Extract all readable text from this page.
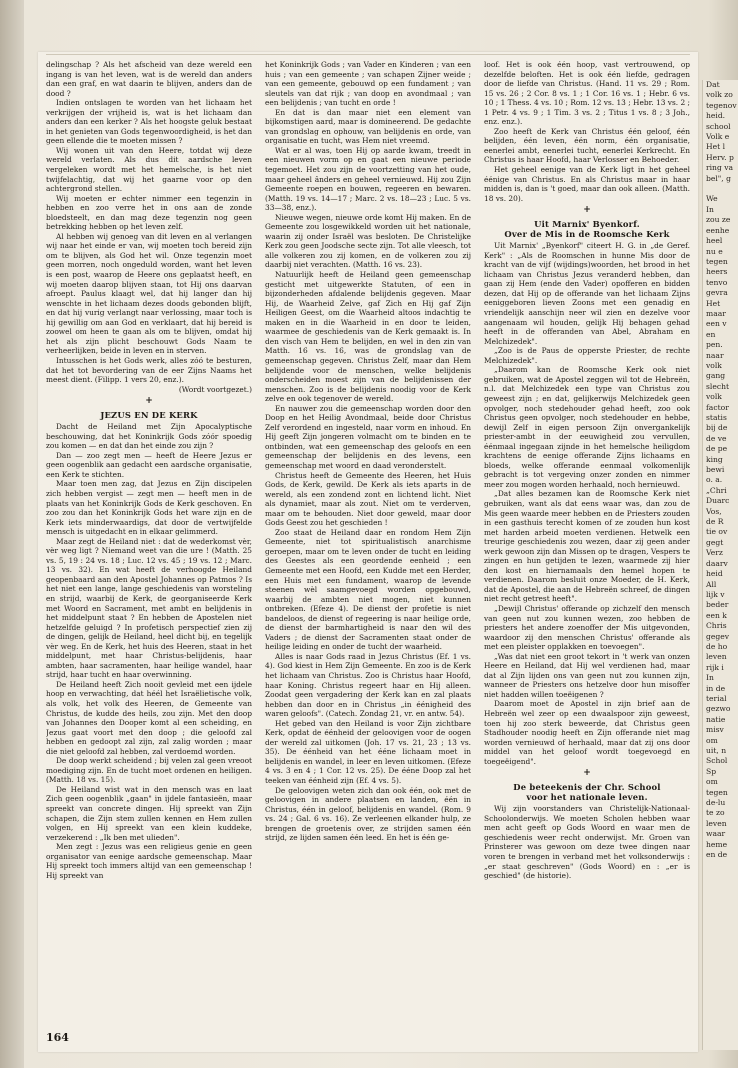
delingschap ? Als het afscheid van deze wereld een ingang is van het leven, wat is de wereld dan anders dan een graf, en wat daarin te blijven, anders dan de dood ?

Indien ontslagen te worden van het lichaam het verkrijgen der vrijheid is, wat is het lichaam dan anders dan een kerker ? Als het hoogste geluk bestaat in het genieten van Gods tegenwoordigheid, is het dan geen ellende die te moeten missen ?

Wij wonen uit van den Heere, totdat wij deze wereld verlaten. Als dus dit aardsche leven vergeleken wordt met het hemelsche, is het niet twijfelachtig, dat wij het gaarne voor op den achtergrond stellen.

Wij moeten er echter nimmer een tegenzin in hebben en zoo verre het in ons aan de zonde bloedsteelt, en dan mag deze tegenzin nog geen betrekking hebben op het leven zelf.

Al hebben wij genoeg van dit leven en al verlangen wij naar het einde er van, wij moeten toch bereid zijn om te blijven, als God het wil. Onze tegenzin moet geen morren, noch ongeduld worden, want het leven is een post, waarop de Heere ons geplaatst heeft, en wij moeten daarop blijven staan, tot Hij ons daarvan afroept. Paulus klaagt wel, dat hij langer dan hij wenschte in het lichaam dezes doods gebonden blijft, en dat hij vurig verlangt naar verlossing, maar toch is hij gewillig om aan God en verklaart, dat hij bereid is zoowel om heen te gaan als om te blijven, omdat hij het als zijn plicht beschouwt Gods Naam te verheerlijken, beide in leven en in sterven.

Intusschen is het Gods werk, alles zóó te besturen, dat het tot bevordering van de eer Zijns Naams het meest dient. (Filipp. 1 vers 20, enz.).

(Wordt voortgezet.)

+
JEZUS EN DE KERK

Dacht de Heiland met Zijn Apocalyptische beschouwing, dat het Koninkrijk Gods zóór spoedig zou komen — en dat dan het einde zou zijn ?

Dan — zoo zegt men — heeft de Heere Jezus er geen oogenblik aan gedacht een aardsche organisatie, een Kerk te stichten.

Maar toen men zag, dat Jezus en Zijn discipelen zich hebben vergist — zegt men — heeft men in de plaats van het Koninkrijk Gods de Kerk geschoven. En zoo zou dan het Koninkrijk Gods het ware zijn en de Kerk iets minderwaardigs, dat door de vertwijfelde mensch is uitgedacht en in elkaar gelimmerd.

Maar zegt de Heiland niet : dat de wederkomst vèr, vèr weg ligt ? Niemand weet van die ure ! (Matth. 25 vs. 5, 19 : 24 vs. 18 ; Luc. 12 vs. 45 ; 19 vs. 12 ; Marc. 13 vs. 32). En wat heeft de verhoogde Heiland geopenbaard aan den Apostel Johannes op Patmos ? Is het niet een lange, lange geschiedenis van worsteling en strijd, waarbij de Kerk, de georganiseerde Kerk met Woord en Sacrament, met ambt en belijdenis in het middelpunt staat ? En hebben de Apostelen niet hetzelfde geluigd ? In profetisch perspectief zien zij de dingen, gelijk de Heiland, heel dicht bij, en tegelijk vèr weg. En de Kerk, het huis des Heeren, staat in het middelpunt, met haar Christus-belijdenis, haar ambten, haar sacramenten, haar heilige wandel, haar strijd, haar tucht en haar overwinning.

De Heiland heeft Zich nooit gevleid met een ijdele hoop en verwachting, dat héél het Israëlietische volk, als volk, het volk des Heeren, de Gemeente van Christus, de kudde des heils, zou zijn. Met den doop van Johannes den Dooper komt al een scheiding, en Jezus gaat voort met den doop ; die geloofd zal hebben en gedoopt zal zijn, zal zalig worden ; maar die niet geloofd zal hebben, zal verdoemd worden.

De doop werkt scheidend ; bij velen zal geen vreoot moediging zijn. En de tucht moet ordenen en heiligen. (Matth. 18 vs. 15).

De Heiland wist wat in den mensch was en laat Zich geen oogenblik „gaan" in ijdele fantasieën, maar spreekt van concrete dingen. Hij spreekt van Zijn schapen, die Zijn stem zullen kennen en Hem zullen volgen, en Hij spreekt van een klein kuddeke, verzekerend : „Ik ben met ulieden".

Men zegt : Jezus was een religieus genie en geen organisator van eenige aardsche gemeenschap. Maar Hij spreekt toch immers altijd van een gemeenschap ! Hij spreekt van

het Koninkrijk Gods ; van Vader en Kinderen ; van een huis ; van een gemeente ; van schapen Zijner weide ; van een gemeente, gebouwd op een fundament ; van sleutels van dat rijk ; van doop en avondmaal ; van een belijdenis ; van tucht en orde !

En dat is dan maar niet een element van bijkomstigen aard, maar is domineerend. De gedachte van grondslag en ophouw, van belijdenis en orde, van organisatie en tucht, was Hem niet vreemd.

Wat er al was, toen Hij op aarde kwam, treedt in een nieuwen vorm op en gaat een nieuwe periode tegemoet. Het zou zijn de voortzetting van het oude, maar geheel ânders en geheel vernieuwd. Hij zou Zijn Gemeente roepen en bouwen, regeeren en bewaren. (Matth. 19 vs. 14—17 ; Marc. 2 vs. 18—23 ; Luc. 5 vs. 33—38, enz.).

Nieuwe wegen, nieuwe orde komt Hij maken. En de Gemeente zou losgewikkeld worden uit het nationale, waarin zij onder Israël was besloten. De Christelijke Kerk zou geen Joodsche secte zijn. Tot alle vleesch, tot alle volkeren zou zij komen, en de volkeren zou zij daarbij niet verachten. (Matth. 16 vs. 23).

Natuurlijk heeft de Heiland geen gemeenschap gesticht met uitgewerkte Statuten, of een in bijzonderheden afdalende belijdenis gegeven. Maar Hij, de Waarheid Zelve, gaf Zich en Hij gaf Zijn Heiligen Geest, om die Waarheid altoos indachtig te maken en in die Waarheid in en door te leiden, waarmee de geschiedenis van de Kerk gemaakt is. In den visch van Hem te belijden, en wel in den zin van Matth. 16 vs. 16, was de grondslag van de gemeenschap gegeven. Christus Zelf, maar dan Hem belijdende voor de menschen, welke belijdenis onderscheiden moest zijn van de belijdenissen der menschen. Zoo is de belijdenis noodig voor de Kerk zelve en ook tegenover de wereld.

En nauwer zou die gemeenschap worden door den Doop en het Heilig Avondmaal, beide door Christus Zelf verordend en ingesteld, naar vorm en inhoud. En Hij geeft Zijn jongeren volmacht om te binden en te ontbinden, wat een gemeenschap des geloofs en een gemeenschap der belijdenis en des levens, een gemeenschap met woord en daad veronderstelt.

Christus heeft de Gemeente des Heeren, het Huis Gods, de Kerk, gewild. De Kerk als iets aparts in de wereld, als een zondend zont en lichtend licht. Niet als dynamiet, maar als zout. Niet om te verderven, maar om te behouden. Niet door geweld, maar door Gods Geest zou het geschieden !

Zoo staat de Heiland daar en rondom Hem Zijn Gemeente, niet tot spiritualistisch anarchisme geroepen, maar om te leven onder de tucht en leiding des Geestes als een geordende eenheid ; een Gemeente met een Hoofd, een Kudde met een Herder, een Huis met een fundament, waarop de levende steenen wèl saamgevoegd worden opgebouwd, waarbij de ambten niet mogen, niet kunnen ontbreken. (Efeze 4). De dienst der profetie is niet bandeloos, de dienst of regeering is naar heilige orde, de dienst der barmhartigheid is naar den wil des Vaders ; de dienst der Sacramenten staat onder de heilige leiding en onder de tucht der waarheid.

Alles is naar Gods raad in Jezus Christus (Ef. 1 vs. 4). God kiest in Hem Zijn Gemeente. En zoo is de Kerk het lichaam van Christus. Zoo is Christus haar Hoofd, haar Koning. Christus regeert haar en Hij alleen. Zoodat geen vergadering der Kerk kan en zal plaats hebben dan door en in Christus „in éénigheid des waren geloofs". (Catech. Zondag 21, vr. en antw. 54).

Het gebed van den Heiland is voor Zijn zichtbare Kerk, opdat de éénheid der geloovigen voor de oogen der wereld zal uitkomen (Joh. 17 vs. 21, 23 ; 13 vs. 35). De éénheid van het ééne lichaam moet in belijdenis en wandel, in leer en leven uitkomen. (Efeze 4 vs. 3 en 4 ; 1 Cor. 12 vs. 25). De ééne Doop zal het teeken van éénheid zijn (Ef. 4 vs. 5).

De geloovigen weten zich dan ook één, ook met de geloovigen in andere plaatsen en landen, één in Christus, één in geloof, belijdenis en wandel. (Rom. 9 vs. 24 ; Gal. 6 vs. 16). Ze verleenen elkander hulp, ze brengen de groetenis over, ze strijden samen één strijd, ze lijden samen één leed. En het is één ge-

loof. Het is ook één hoop, vast vertrouwend, op dezelfde beloften. Het is ook één liefde, gedragen door de liefde van Christus. (Hand. 11 vs. 29 ; Rom. 15 vs. 26 ; 2 Cor. 8 vs. 1 ; 1 Cor. 16 vs. 1 ; Hebr. 6 vs. 10 ; 1 Thess. 4 vs. 10 ; Rom. 12 vs. 13 ; Hebr. 13 vs. 2 ; 1 Petr. 4 vs. 9 ; 1 Tim. 3 vs. 2 ; Titus 1 vs. 8 ; 3 Joh., enz. enz.).

Zoo heeft de Kerk van Christus één geloof, één belijden, één leven, één norm, één organisatie, eenerlei ambt, eenerlei tucht, eenerlei Kerkrecht. En Christus is haar Hoofd, haar Verlosser en Behoeder.

Het geheel eenige van de Kerk ligt in het geheel éénige van Christus. En als Christus maar in haar midden is, dan is 't goed, maar dan ook alleen. (Matth. 18 vs. 20).

+
Uit Marnix' Byenkorf.
Over de Mis in de Roomsche Kerk

Uit Marnix' „Byenkorf" citeert H. G. in „de Geref. Kerk" : „Als de Roomschen in hunne Mis door de kracht van de vijf (wijdings)woorden, het brood in het lichaam van Christus Jezus veranderd hebben, dan gaan zij Hem (ende den Vader) opofferen en bidden dezen, dat Hij op de offerande van het lichaam Zijns eeniggeboren lieven Zoons met een genadig en vriendelijk aanschijn neer wil zien en dezelve voor aangenaam wil houden, gelijk Hij behagen gehad heeft in de offeranden van Abel, Abraham en Melchizedek".

„Zoo is de Paus de opperste Priester, de rechte Melchizedek".

„Daarom kan de Roomsche Kerk ook niet gebruiken, wat de Apostel zeggen wil tot de Hebreën, n.l. dat Melchizedek een type van Christus zou geweest zijn ; en dat, gelijkerwijs Melchizedek geen opvolger, noch stedehouder gehad heeft, zoo ook Christus geen opvolger, noch stedehouder en hebbe, dewijl Zelf in eigen persoon Zijn onvergankelijk priester-ambt in der eeuwigheid zou vervullen, éénmaal ingegaan zijnde in het hemelsche heiligdom krachtens de eenige offerande Zijns lichaams en bloeds, welke offerande eenmaal volkomenlijk gebracht is tot vergeving onzer zonden en nimmer meer zou mogen worden herhaald, noch hernieuwd.

„Dat alles bezamen kan de Roomsche Kerk niet gebruiken, want als dat eens waar was, dan zou de Mis geen waarde meer hebben en de Priesters zouden in een gasthuis terecht komen of ze zouden hun kost met harden arbeid moeten verdienen. Hetwelk een treurige geschiedenis zou wezen, daar zij geen ander werk gewoon zijn dan Missen op te dragen, Vespers te zingen en hun getijden te lezen, waarmede zij hier den kost en hiernamaals den hemel hopen te verdienen. Daarom besluit onze Moeder, de H. Kerk, dat de Apostel, die aan de Hebreën schreef, de dingen niet recht getrest heeft".

„Dewijl Christus' offerande op zichzelf den mensch van geen nut zou kunnen wezen, zoo hebben de priesters het andere zoenoffer der Mis uitgevonden, waardoor zij den menschen Christus' offerande als met een pleister opplakken en toevoegen".

„Was dat niet een groot tekort in 't werk van onzen Heere en Heiland, dat Hij wel verdienen had, maar dat al Zijn lijden ons van geen nut zou kunnen zijn, wanneer de Priesters ons hetzelve door hun misoffer niet hadden willen toeëigenen ?

Daarom moet de Apostel in zijn brief aan de Hebreën wel zeer op een dwaalspoor zijn geweest, toen hij zoo sterk beweerde, dat Christus geen Stadhouder noodig heeft en Zijn offerande niet mag worden vernieuwd of herhaald, maar dat zij ons door middel van het geloof wordt toegevoegd en toegeëigend".

+
De beteekenis der Chr. School
voor het nationale leven.

Wij zijn voorstanders van Christelijk-Nationaal-Schoolonderwijs. We moeten Scholen hebben waar men acht geeft op Gods Woord en waar men de geschiedenis weer recht onderwijst. Mr. Groen van Prinsterer was gewoon om deze twee dingen naar voren te brengen in verband met het volksonderwijs : „er staat geschreven" (Gods Woord) en : „er is geschied" (de historie).

164
Dat
volk zo
tegenov
heid.
school
Volk e
Het l
Herv. p
ring va
bel", g

We
In
zou ze
eenhe
heel
nu e
tegen
heers
tenvo
gevra
Het
maar
een v
en
pen.
naar
volk
gang
slecht
volk
factor
statis
bij de
de ve
de pe
king
bewi
o. a.
„Chri
Duarc
Vos,
de R
tie ov
gegt
Verz
daarv
heid
All
lijk v
beder
een k
Chris
gegev
de ho
leven
rijk i
In
in de
terial
gezwo
natie
misv
om
uit, n
Schol
Sp
om
tegen
de-lu
te zo
leven
waar
heme
en de
